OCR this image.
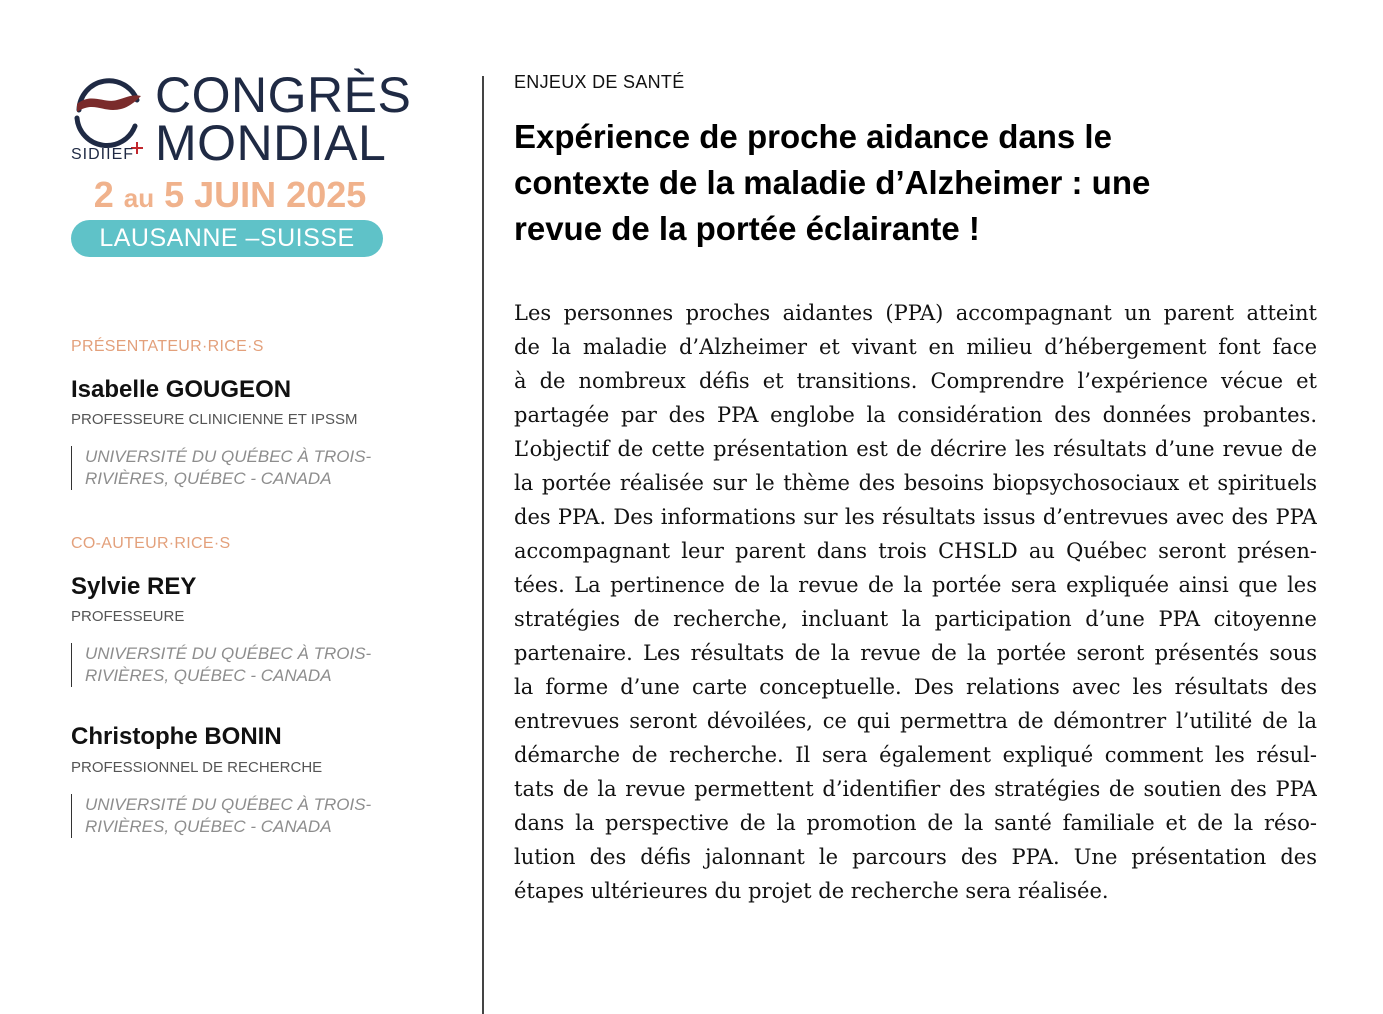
SIDIIEF
CONGRÈS
MONDIAL
2 au 5 JUIN 2025
LAUSANNE –SUISSE
PRÉSENTATEUR·RICE·S
Isabelle GOUGEON
PROFESSEURE CLINICIENNE ET IPSSM
UNIVERSITÉ DU QUÉBEC À TROIS-
RIVIÈRES, QUÉBEC - CANADA
CO-AUTEUR·RICE·S
Sylvie REY
PROFESSEURE
UNIVERSITÉ DU QUÉBEC À TROIS-
RIVIÈRES, QUÉBEC - CANADA
Christophe BONIN
PROFESSIONNEL DE RECHERCHE
UNIVERSITÉ DU QUÉBEC À TROIS-
RIVIÈRES, QUÉBEC - CANADA
ENJEUX DE SANTÉ
Expérience de proche aidance dans le
contexte de la maladie d’Alzheimer : une
revue de la portée éclairante !
Les personnes proches aidantes (PPA) accompagnant un parent atteint
de la maladie d’Alzheimer et vivant en milieu d’hébergement font face
à de nombreux défis et transitions. Comprendre l’expérience vécue et
partagée par des PPA englobe la considération des données probantes.
L’objectif de cette présentation est de décrire les résultats d’une revue de
la portée réalisée sur le thème des besoins biopsychosociaux et spirituels
des PPA. Des informations sur les résultats issus d’entrevues avec des PPA
accompagnant leur parent dans trois CHSLD au Québec seront présen-
tées. La pertinence de la revue de la portée sera expliquée ainsi que les
stratégies de recherche, incluant la participation d’une PPA citoyenne
partenaire. Les résultats de la revue de la portée seront présentés sous
la forme d’une carte conceptuelle. Des relations avec les résultats des
entrevues seront dévoilées, ce qui permettra de démontrer l’utilité de la
démarche de recherche. Il sera également expliqué comment les résul-
tats de la revue permettent d’identifier des stratégies de soutien des PPA
dans la perspective de la promotion de la santé familiale et de la réso-
lution des défis jalonnant le parcours des PPA. Une présentation des
étapes ultérieures du projet de recherche sera réalisée.
